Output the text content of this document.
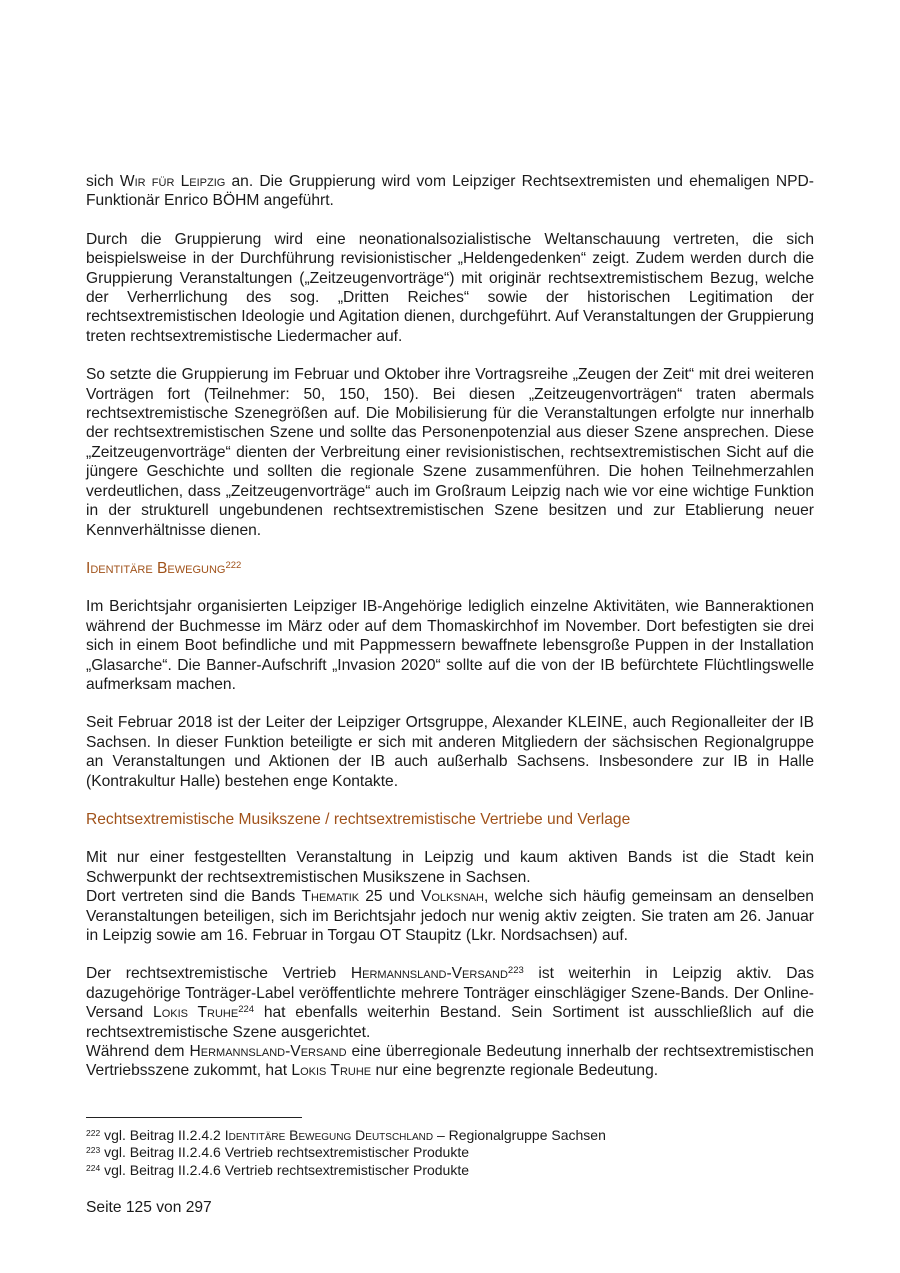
sich Wir für Leipzig an. Die Gruppierung wird vom Leipziger Rechtsextremisten und ehemaligen NPD-Funktionär Enrico BÖHM angeführt.

Durch die Gruppierung wird eine neonationalsozialistische Weltanschauung vertreten, die sich beispielsweise in der Durchführung revisionistischer „Heldengedenken“ zeigt. Zudem werden durch die Gruppierung Veranstaltungen („Zeitzeugenvorträge“) mit originär rechtsextremistischem Bezug, welche der Verherrlichung des sog. „Dritten Reiches“ sowie der historischen Legitimation der rechtsextremistischen Ideologie und Agitation dienen, durchgeführt. Auf Veranstaltungen der Gruppierung treten rechtsextremistische Liedermacher auf.

So setzte die Gruppierung im Februar und Oktober ihre Vortragsreihe „Zeugen der Zeit“ mit drei weiteren Vorträgen fort (Teilnehmer: 50, 150, 150). Bei diesen „Zeitzeugenvorträgen“ traten abermals rechtsextremistische Szenegrößen auf. Die Mobilisierung für die Veranstaltungen erfolgte nur innerhalb der rechtsextremistischen Szene und sollte das Personenpotenzial aus dieser Szene ansprechen. Diese „Zeitzeugenvorträge“ dienten der Verbreitung einer revisionistischen, rechtsextremistischen Sicht auf die jüngere Geschichte und sollten die regionale Szene zusammenführen. Die hohen Teilnehmerzahlen verdeutlichen, dass „Zeitzeugenvorträge“ auch im Großraum Leipzig nach wie vor eine wichtige Funktion in der strukturell ungebundenen rechtsextremistischen Szene besitzen und zur Etablierung neuer Kennverhältnisse dienen.

Identitäre Bewegung$^{222}$

Im Berichtsjahr organisierten Leipziger IB-Angehörige lediglich einzelne Aktivitäten, wie Banneraktionen während der Buchmesse im März oder auf dem Thomaskirchhof im November. Dort befestigten sie drei sich in einem Boot befindliche und mit Pappmessern bewaffnete lebensgroße Puppen in der Installation „Glasarche“. Die Banner-Aufschrift „Invasion 2020“ sollte auf die von der IB befürchtete Flüchtlingswelle aufmerksam machen.

Seit Februar 2018 ist der Leiter der Leipziger Ortsgruppe, Alexander KLEINE, auch Regionalleiter der IB Sachsen. In dieser Funktion beteiligte er sich mit anderen Mitgliedern der sächsischen Regionalgruppe an Veranstaltungen und Aktionen der IB auch außerhalb Sachsens. Insbesondere zur IB in Halle (Kontrakultur Halle) bestehen enge Kontakte.

Rechtsextremistische Musikszene / rechtsextremistische Vertriebe und Verlage

Mit nur einer festgestellten Veranstaltung in Leipzig und kaum aktiven Bands ist die Stadt kein Schwerpunkt der rechtsextremistischen Musikszene in Sachsen.

Dort vertreten sind die Bands Thematik 25 und Volksnah, welche sich häufig gemeinsam an denselben Veranstaltungen beteiligen, sich im Berichtsjahr jedoch nur wenig aktiv zeigten. Sie traten am 26. Januar in Leipzig sowie am 16. Februar in Torgau OT Staupitz (Lkr. Nordsachsen) auf.

Der rechtsextremistische Vertrieb Hermannsland-Versand$^{223}$ ist weiterhin in Leipzig aktiv. Das dazugehörige Tonträger-Label veröffentlichte mehrere Tonträger einschlägiger Szene-Bands. Der Online-Versand Lokis Truhe$^{224}$ hat ebenfalls weiterhin Bestand. Sein Sortiment ist ausschließlich auf die rechtsextremistische Szene ausgerichtet.

Während dem Hermannsland-Versand eine überregionale Bedeutung innerhalb der rechtsextremistischen Vertriebsszene zukommt, hat Lokis Truhe nur eine begrenzte regionale Bedeutung.

$^{222}$ vgl. Beitrag II.2.4.2 Identitäre Bewegung Deutschland – Regionalgruppe Sachsen
$^{223}$ vgl. Beitrag II.2.4.6 Vertrieb rechtsextremistischer Produkte
$^{224}$ vgl. Beitrag II.2.4.6 Vertrieb rechtsextremistischer Produkte
Seite 125 von 297
